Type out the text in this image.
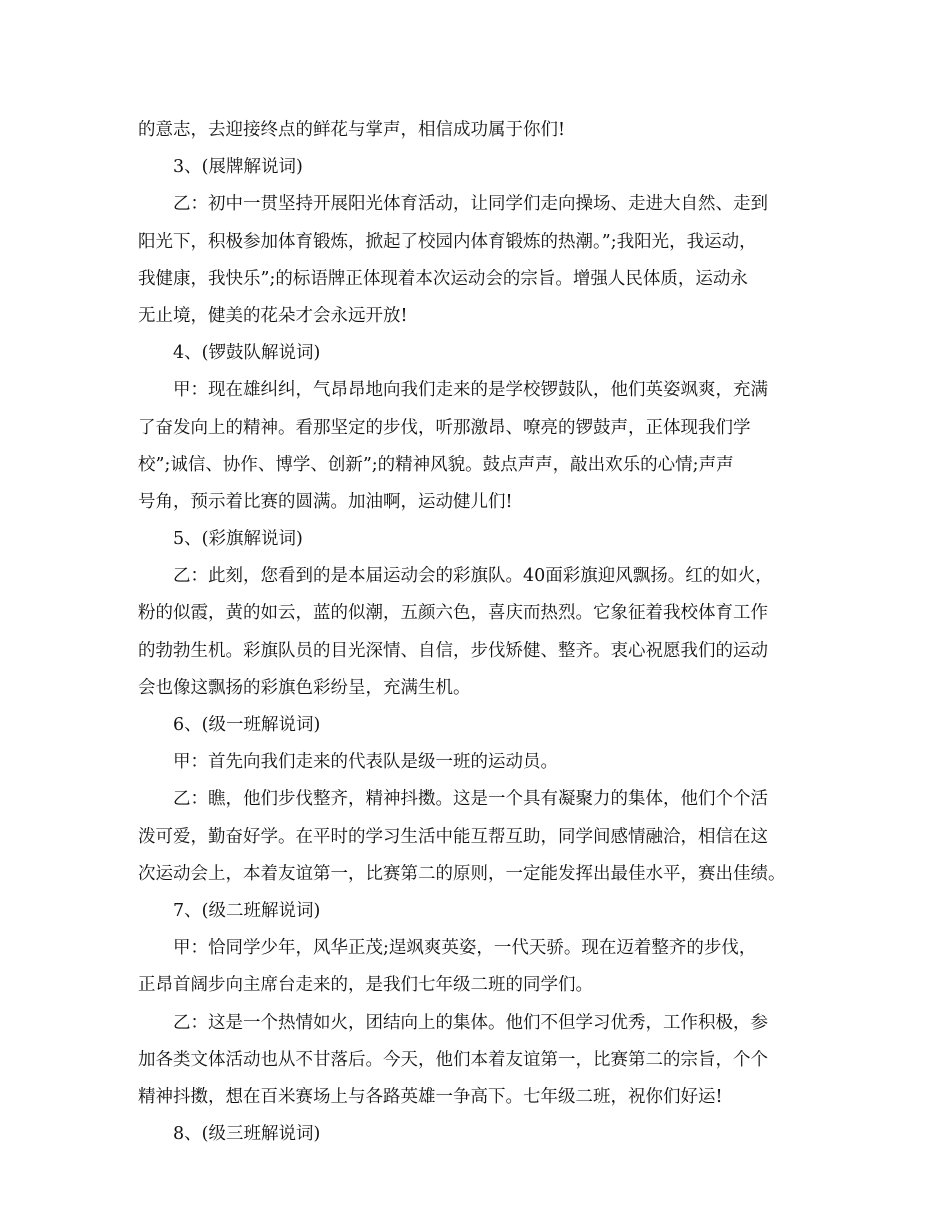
的意志，去迎接终点的鲜花与掌声，相信成功属于你们!
3、(展牌解说词)
乙：初中一贯坚持开展阳光体育活动，让同学们走向操场、走进大自然、走到
阳光下，积极参加体育锻炼，掀起了校园内体育锻炼的热潮。”;我阳光，我运动，
我健康，我快乐”;的标语牌正体现着本次运动会的宗旨。增强人民体质，运动永
无止境，健美的花朵才会永远开放!
4、(锣鼓队解说词)
甲：现在雄纠纠，气昂昂地向我们走来的是学校锣鼓队，他们英姿飒爽，充满
了奋发向上的精神。看那坚定的步伐，听那激昂、嘹亮的锣鼓声，正体现我们学
校”;诚信、协作、博学、创新”;的精神风貌。鼓点声声，敲出欢乐的心情;声声
号角，预示着比赛的圆满。加油啊，运动健儿们!
5、(彩旗解说词)
乙：此刻，您看到的是本届运动会的彩旗队。40面彩旗迎风飘扬。红的如火，
粉的似霞，黄的如云，蓝的似潮，五颜六色，喜庆而热烈。它象征着我校体育工作
的勃勃生机。彩旗队员的目光深情、自信，步伐矫健、整齐。衷心祝愿我们的运动
会也像这飘扬的彩旗色彩纷呈，充满生机。
6、(级一班解说词)
甲：首先向我们走来的代表队是级一班的运动员。
乙：瞧，他们步伐整齐，精神抖擞。这是一个具有凝聚力的集体，他们个个活
泼可爱，勤奋好学。在平时的学习生活中能互帮互助，同学间感情融洽，相信在这
次运动会上，本着友谊第一，比赛第二的原则，一定能发挥出最佳水平，赛出佳绩。
7、(级二班解说词)
甲：恰同学少年，风华正茂;逞飒爽英姿，一代天骄。现在迈着整齐的步伐，
正昂首阔步向主席台走来的，是我们七年级二班的同学们。
乙：这是一个热情如火，团结向上的集体。他们不但学习优秀，工作积极，参
加各类文体活动也从不甘落后。今天，他们本着友谊第一，比赛第二的宗旨，个个
精神抖擞，想在百米赛场上与各路英雄一争高下。七年级二班，祝你们好运!
8、(级三班解说词)
